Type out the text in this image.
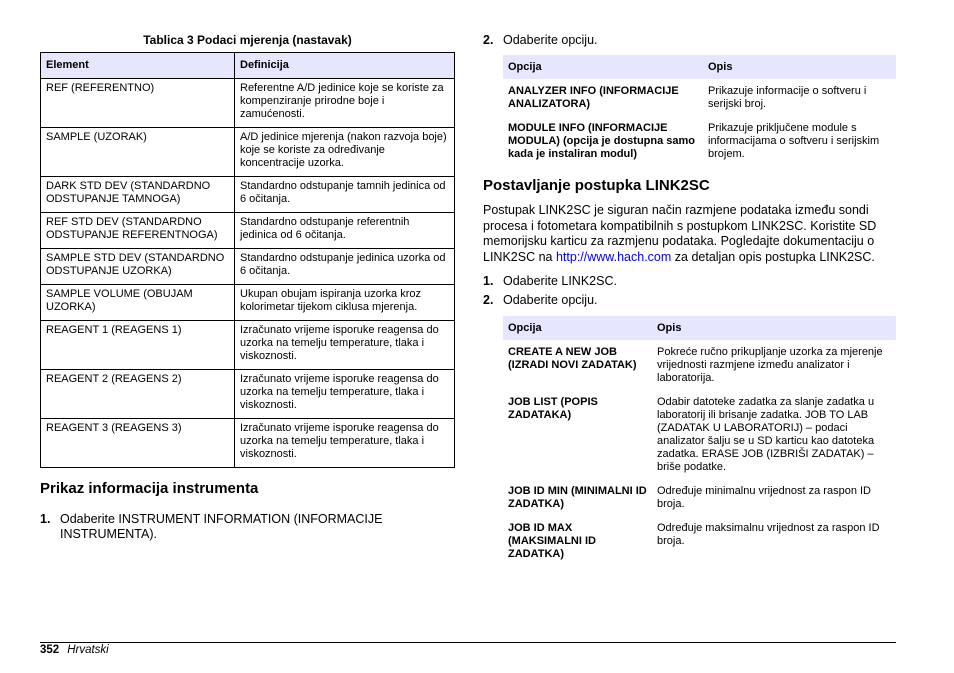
Tablica 3 Podaci mjerenja (nastavak)
Element	Definicija
REF (REFERENTNO)	Referentne A/D jedinice koje se koriste za kompenziranje prirodne boje i zamućenosti.
SAMPLE (UZORAK)	A/D jedinice mjerenja (nakon razvoja boje) koje se koriste za određivanje koncentracije uzorka.
DARK STD DEV (STANDARDNO ODSTUPANJE TAMNOGA)	Standardno odstupanje tamnih jedinica od 6 očitanja.
REF STD DEV (STANDARDNO ODSTUPANJE REFERENTNOGA)	Standardno odstupanje referentnih jedinica od 6 očitanja.
SAMPLE STD DEV (STANDARDNO ODSTUPANJE UZORKA)	Standardno odstupanje jedinica uzorka od 6 očitanja.
SAMPLE VOLUME (OBUJAM UZORKA)	Ukupan obujam ispiranja uzorka kroz kolorimetar tijekom ciklusa mjerenja.
REAGENT 1 (REAGENS 1)	Izračunato vrijeme isporuke reagensa do uzorka na temelju temperature, tlaka i viskoznosti.
REAGENT 2 (REAGENS 2)	Izračunato vrijeme isporuke reagensa do uzorka na temelju temperature, tlaka i viskoznosti.
REAGENT 3 (REAGENS 3)	Izračunato vrijeme isporuke reagensa do uzorka na temelju temperature, tlaka i viskoznosti.
Prikaz informacija instrumenta
1. Odaberite INSTRUMENT INFORMATION (INFORMACIJE INSTRUMENTA).
2. Odaberite opciju.
Opcija	Opis
ANALYZER INFO (INFORMACIJE ANALIZATORA)	Prikazuje informacije o softveru i serijski broj.
MODULE INFO (INFORMACIJE MODULA) (opcija je dostupna samo kada je instaliran modul)	Prikazuje priključene module s informacijama o softveru i serijskim brojem.
Postavljanje postupka LINK2SC
Postupak LINK2SC je siguran način razmjene podataka između sondi procesa i fotometara kompatibilnih s postupkom LINK2SC. Koristite SD memorijsku karticu za razmjenu podataka. Pogledajte dokumentaciju o LINK2SC na http://www.hach.com za detaljan opis postupka LINK2SC.
1. Odaberite LINK2SC.
2. Odaberite opciju.
Opcija	Opis
CREATE A NEW JOB (IZRADI NOVI ZADATAK)	Pokreće ručno prikupljanje uzorka za mjerenje vrijednosti razmjene između analizator i laboratorija.
JOB LIST (POPIS ZADATAKA)	Odabir datoteke zadatka za slanje zadatka u laboratorij ili brisanje zadatka. JOB TO LAB (ZADATAK U LABORATORIJ) – podaci analizator šalju se u SD karticu kao datoteka zadatka. ERASE JOB (IZBRIŠI ZADATAK) – briše podatke.
JOB ID MIN (MINIMALNI ID ZADATKA)	Određuje minimalnu vrijednost za raspon ID broja.
JOB ID MAX (MAKSIMALNI ID ZADATKA)	Određuje maksimalnu vrijednost za raspon ID broja.
352 Hrvatski
